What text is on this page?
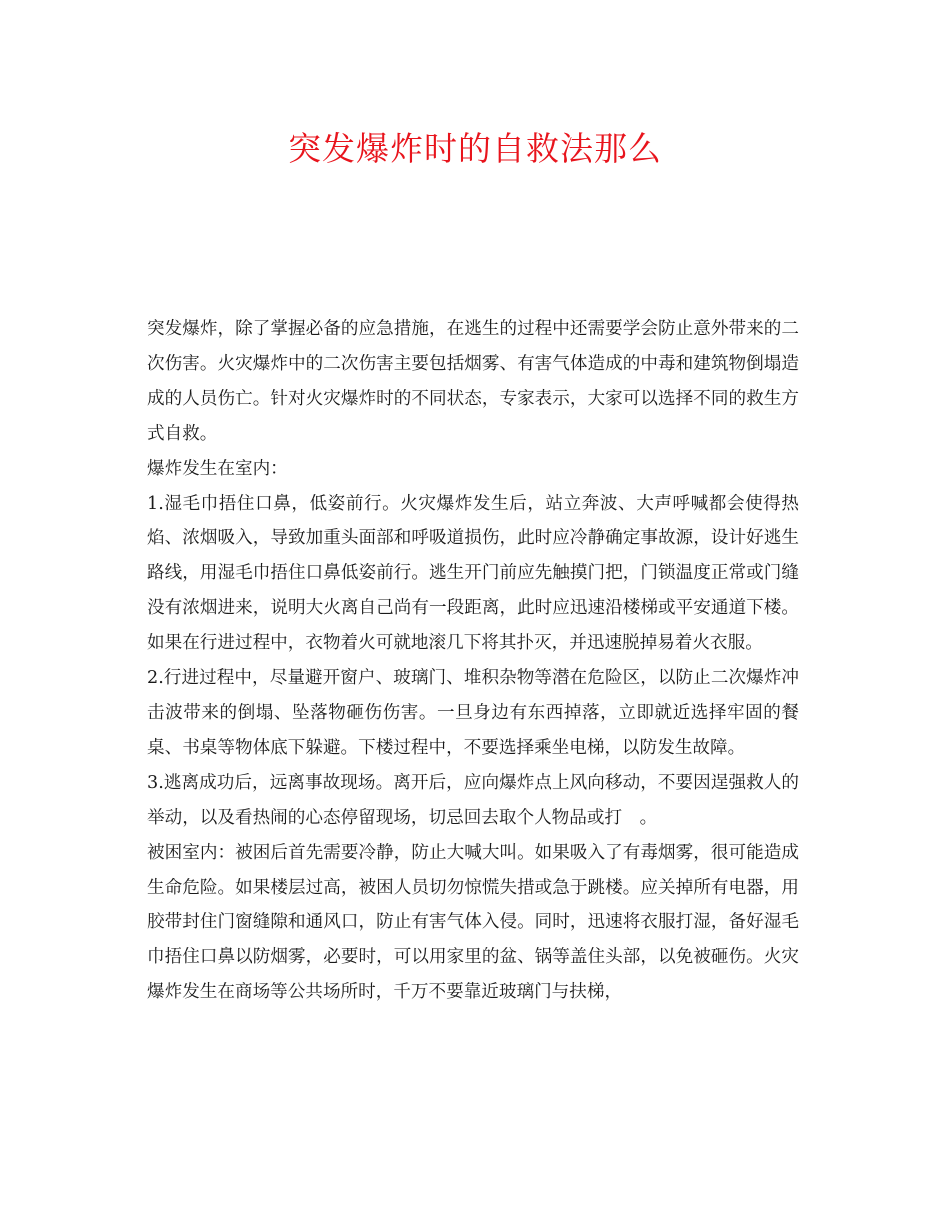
突发爆炸时的自救法那么

突发爆炸，除了掌握必备的应急措施，在逃生的过程中还需要学会防止意外带来的二次伤害。火灾爆炸中的二次伤害主要包括烟雾、有害气体造成的中毒和建筑物倒塌造成的人员伤亡。针对火灾爆炸时的不同状态，专家表示，大家可以选择不同的救生方式自救。

爆炸发生在室内：

1.湿毛巾捂住口鼻，低姿前行。火灾爆炸发生后，站立奔波、大声呼喊都会使得热焰、浓烟吸入，导致加重头面部和呼吸道损伤，此时应冷静确定事故源，设计好逃生路线，用湿毛巾捂住口鼻低姿前行。逃生开门前应先触摸门把，门锁温度正常或门缝没有浓烟进来，说明大火离自己尚有一段距离，此时应迅速沿楼梯或平安通道下楼。如果在行进过程中，衣物着火可就地滚几下将其扑灭，并迅速脱掉易着火衣服。

2.行进过程中，尽量避开窗户、玻璃门、堆积杂物等潜在危险区，以防止二次爆炸冲击波带来的倒塌、坠落物砸伤伤害。一旦身边有东西掉落，立即就近选择牢固的餐桌、书桌等物体底下躲避。下楼过程中，不要选择乘坐电梯，以防发生故障。

3.逃离成功后，远离事故现场。离开后，应向爆炸点上风向移动，不要因逞强救人的举动，以及看热闹的心态停留现场，切忌回去取个人物品或打　。

被困室内：被困后首先需要冷静，防止大喊大叫。如果吸入了有毒烟雾，很可能造成生命危险。如果楼层过高，被困人员切勿惊慌失措或急于跳楼。应关掉所有电器，用胶带封住门窗缝隙和通风口，防止有害气体入侵。同时，迅速将衣服打湿，备好湿毛巾捂住口鼻以防烟雾，必要时，可以用家里的盆、锅等盖住头部，以免被砸伤。火灾爆炸发生在商场等公共场所时，千万不要靠近玻璃门与扶梯，
